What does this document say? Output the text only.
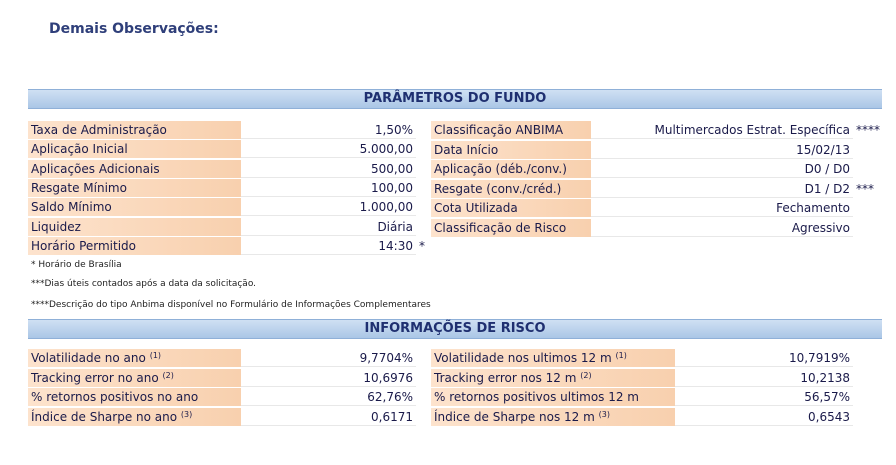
Demais Observações:
PARÂMETROS DO FUNDO
Taxa de Administração	1,50%
Aplicação Inicial	5.000,00
Aplicações Adicionais	500,00
Resgate Mínimo	100,00
Saldo Mínimo	1.000,00
Liquidez	Diária
Horário Permitido	14:30 *
Classificação ANBIMA	Multimercados Estrat. Específica ****
Data Início	15/02/13
Aplicação (déb./conv.)	D0 / D0
Resgate (conv./créd.)	D1 / D2 ***
Cota Utilizada	Fechamento
Classificação de Risco	Agressivo
* Horário de Brasília
***Dias úteis contados após a data da solicitação.
****Descrição do tipo Anbima disponível no Formulário de Informações Complementares
INFORMAÇÕES DE RISCO
Volatilidade no ano $^{(1)}$	9,7704%
Tracking error no ano $^{(2)}$	10,6976
% retornos positivos no ano	62,76%
Índice de Sharpe no ano $^{(3)}$	0,6171
Volatilidade nos ultimos 12 m $^{(1)}$	10,7919%
Tracking error nos 12 m $^{(2)}$	10,2138
% retornos positivos ultimos 12 m	56,57%
Índice de Sharpe nos 12 m $^{(3)}$	0,6543
